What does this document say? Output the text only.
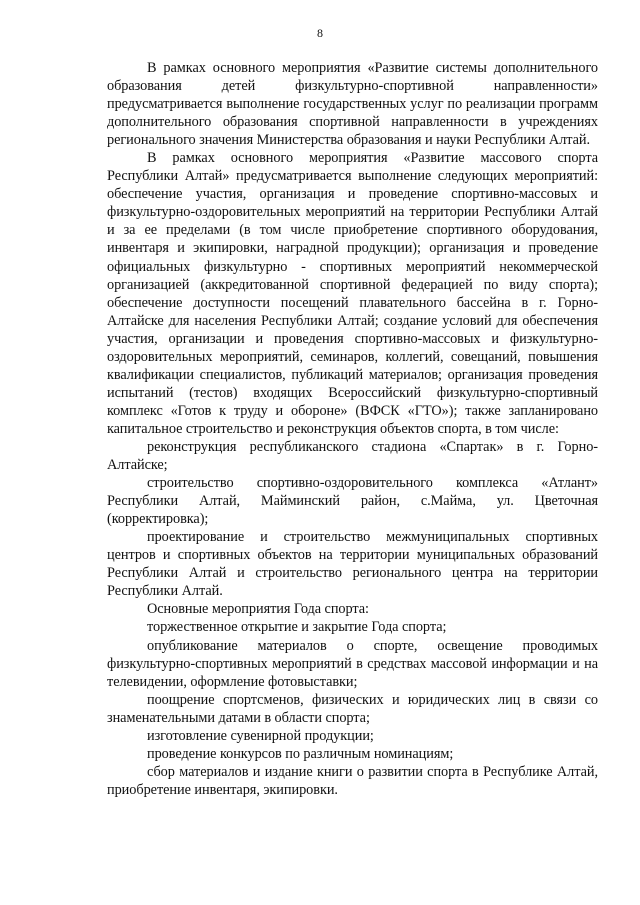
8

В рамках основного мероприятия «Развитие системы дополнительного образования детей физкультурно-спортивной направленности» предусматривается выполнение государственных услуг по реализации программ дополнительного образования спортивной направленности в учреждениях регионального значения Министерства образования и науки Республики Алтай.

В рамках основного мероприятия «Развитие массового спорта Республики Алтай» предусматривается выполнение следующих мероприятий: обеспечение участия, организация и проведение спортивно-массовых и физкультурно-оздоровительных мероприятий на территории Республики Алтай и за ее пределами (в том числе приобретение спортивного оборудования, инвентаря и экипировки, наградной продукции); организация и проведение официальных физкультурно - спортивных мероприятий некоммерческой организацией (аккредитованной спортивной федерацией по виду спорта); обеспечение доступности посещений плавательного бассейна в г. Горно-Алтайске для населения Республики Алтай; создание условий для обеспечения участия, организации и проведения спортивно-массовых и физкультурно-оздоровительных мероприятий, семинаров, коллегий, совещаний, повышения квалификации специалистов, публикаций материалов; организация проведения испытаний (тестов) входящих Всероссийский физкультурно-спортивный комплекс «Готов к труду и обороне» (ВФСК «ГТО»); также запланировано капитальное строительство и реконструкция объектов спорта, в том числе:

реконструкция республиканского стадиона «Спартак» в г. Горно-Алтайске;

строительство спортивно-оздоровительного комплекса «Атлант» Республики Алтай, Майминский район, с.Майма, ул. Цветочная (корректировка);

проектирование и строительство межмуниципальных спортивных центров и спортивных объектов на территории муниципальных образований Республики Алтай и строительство регионального центра на территории Республики Алтай.

Основные мероприятия Года спорта:

торжественное открытие и закрытие Года спорта;

опубликование материалов о спорте, освещение проводимых физкультурно-спортивных мероприятий в средствах массовой информации и на телевидении, оформление фотовыставки;

поощрение спортсменов, физических и юридических лиц в связи со знаменательными датами в области спорта;

изготовление сувенирной продукции;

проведение конкурсов по различным номинациям;

сбор материалов и издание книги о развитии спорта в Республике Алтай, приобретение инвентаря, экипировки.
